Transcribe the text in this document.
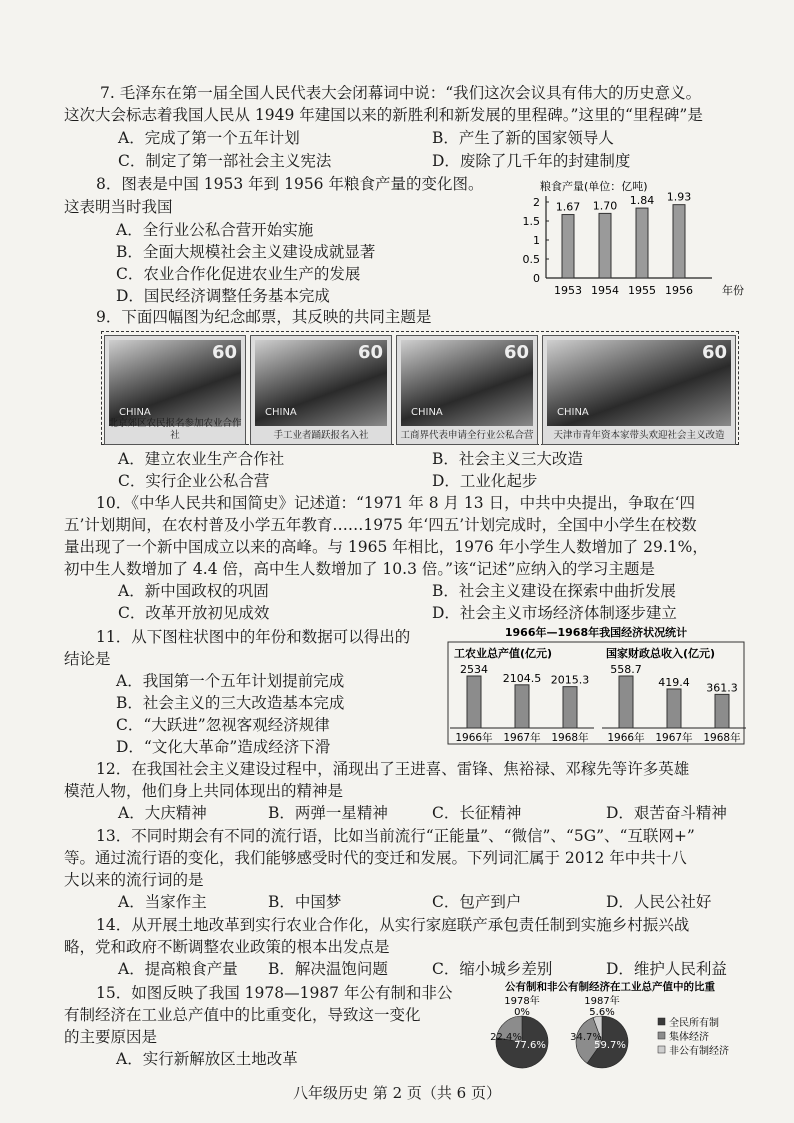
7. 毛泽东在第一届全国人民代表大会闭幕词中说：“我们这次会议具有伟大的历史意义。
这次大会标志着我国人民从 1949 年建国以来的新胜利和新发展的里程碑。”这里的“里程碑”是
A．完成了第一个五年计划	B．产生了新的国家领导人
C．制定了第一部社会主义宪法	D．废除了几千年的封建制度
8．图表是中国 1953 年到 1956 年粮食产量的变化图。
这表明当时我国
A．全行业公私合营开始实施
B．全面大规模社会主义建设成就显著
C．农业合作化促进农业生产的发展
D．国民经济调整任务基本完成
粮食产量(单位：亿吨)
0
0.5
1
1.5
2 1.67
1953
1.70
1954
1.84
1955
1.93
1956	年份
9．下面四幅图为纪念邮票，其反映的共同主题是
60
CHINA
北京郊区农民报名参加农业合作社
60
CHINA
手工业者踊跃报名入社
60
CHINA
工商界代表申请全行业公私合营
60
CHINA
天津市青年资本家带头欢迎社会主义改造
A．建立农业生产合作社	B．社会主义三大改造
C．实行企业公私合营	D．工业化起步
10．《中华人民共和国简史》记述道：“1971 年 8 月 13 日，中共中央提出，争取在‘四
五’计划期间，在农村普及小学五年教育……1975 年‘四五’计划完成时，全国中小学生在校数
量出现了一个新中国成立以来的高峰。与 1965 年相比，1976 年小学生人数增加了 29.1%，
初中生人数增加了 4.4 倍，高中生人数增加了 10.3 倍。”该“记述”应纳入的学习主题是
A．新中国政权的巩固	B．社会主义建设在探索中曲折发展
C．改革开放初见成效	D．社会主义市场经济体制逐步建立
11．从下图柱状图中的年份和数据可以得出的
结论是
A．我国第一个五年计划提前完成
B．社会主义的三大改造基本完成
C．“大跃进”忽视客观经济规律
D．“文化大革命”造成经济下滑
1966年—1968年我国经济状况统计
工农业总产值(亿元)
2534
1966年
2104.5
1967年
2015.3
1968年
国家财政总收入(亿元)
558.7
1966年
419.4
1967年
361.3
1968年
12．在我国社会主义建设过程中，涌现出了王进喜、雷锋、焦裕禄、邓稼先等许多英雄
模范人物，他们身上共同体现出的精神是
A．大庆精神	B．两弹一星精神	C．长征精神	D．艰苦奋斗精神
13．不同时期会有不同的流行语，比如当前流行“正能量”、“微信”、“5G”、“互联网+”
等。通过流行语的变化，我们能够感受时代的变迁和发展。下列词汇属于 2012 年中共十八
大以来的流行词的是
A．当家作主	B．中国梦	C．包产到户	D．人民公社好
14．从开展土地改革到实行农业合作化，从实行家庭联产承包责任制到实施乡村振兴战
略，党和政府不断调整农业政策的根本出发点是
A．提高粮食产量 B．解决温饱问题	C．缩小城乡差别	D．维护人民利益
15．如图反映了我国 1978—1987 年公有制和非公
有制经济在工业总产值中的比重变化，导致这一变化
的主要原因是
A．实行新解放区土地改革
公有制和非公有制经济在工业总产值中的比重
1978年
77.6%
22.4%
0%
1987年
59.7%
34.7%
5.6%
全民所有制
集体经济
非公有制经济
八年级历史 第 2 页（共 6 页）
